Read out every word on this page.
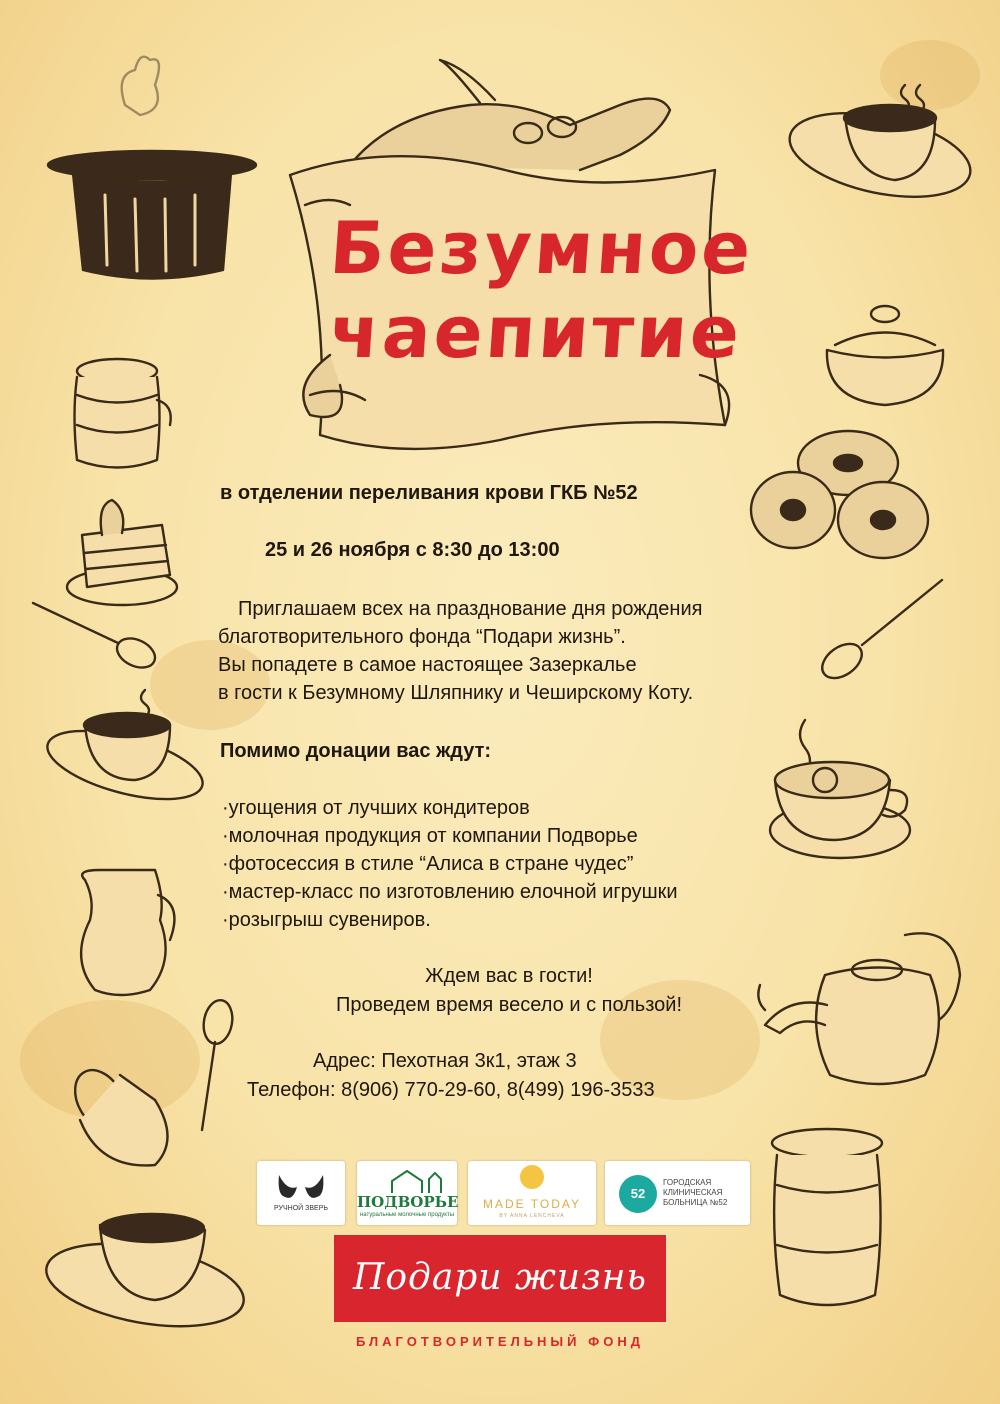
Безумное
чаепитие
в отделении переливания крови ГКБ №52
25 и 26 ноября с 8:30 до 13:00
Приглашаем всех на празднование дня рождения
благотворительного фонда “Подари жизнь”.
Вы попадете в самое настоящее Зазеркалье
в гости к Безумному Шляпнику и Чеширскому Коту.
Помимо донации вас ждут:
·угощения от лучших кондитеров
·молочная продукция от компании Подворье
·фотосессия в стиле “Алиса в стране чудес”
·мастер-класс по изготовлению елочной игрушки
·розыгрыш сувениров.
Ждем вас в гости!
Проведем время весело и с пользой!
Адрес: Пехотная 3к1, этаж 3
Телефон: 8(906) 770-29-60, 8(499) 196-3533
РУЧНОЙ ЗВЕРЬ	ПОДВОРЬЕ
натуральные молочные продукты
MADE TODAY
BY ANNA LENCHEVA
52
ГОРОДСКАЯ
КЛИНИЧЕСКАЯ
БОЛЬНИЦА №52
Подари жизнь
БЛАГОТВОРИТЕЛЬНЫЙ ФОНД
